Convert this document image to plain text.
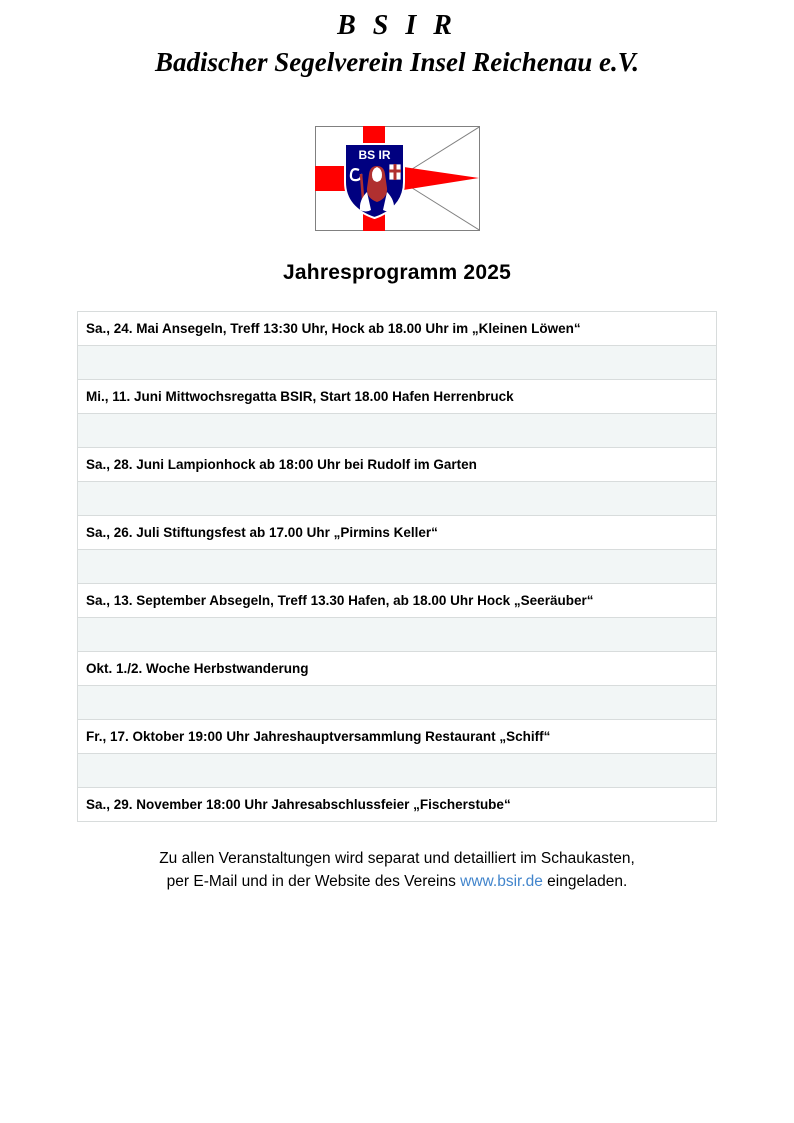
B S I R
Badischer Segelverein Insel Reichenau e.V.
BS IR
Jahresprogramm 2025
Sa., 24. Mai Ansegeln, Treff 13:30 Uhr, Hock ab 18.00 Uhr im „Kleinen Löwen“

Mi., 11. Juni Mittwochsregatta BSIR, Start 18.00 Hafen Herrenbruck

Sa., 28. Juni Lampionhock ab 18:00 Uhr bei Rudolf im Garten

Sa., 26. Juli Stiftungsfest ab 17.00 Uhr „Pirmins Keller“

Sa., 13. September Absegeln, Treff 13.30 Hafen, ab 18.00 Uhr Hock „Seeräuber“

Okt. 1./2. Woche Herbstwanderung

Fr., 17. Oktober 19:00 Uhr Jahreshauptversammlung Restaurant „Schiff“

Sa., 29. November 18:00 Uhr Jahresabschlussfeier „Fischerstube“
Zu allen Veranstaltungen wird separat und detailliert im Schaukasten,
per E-Mail und in der Website des Vereins www.bsir.de eingeladen.
